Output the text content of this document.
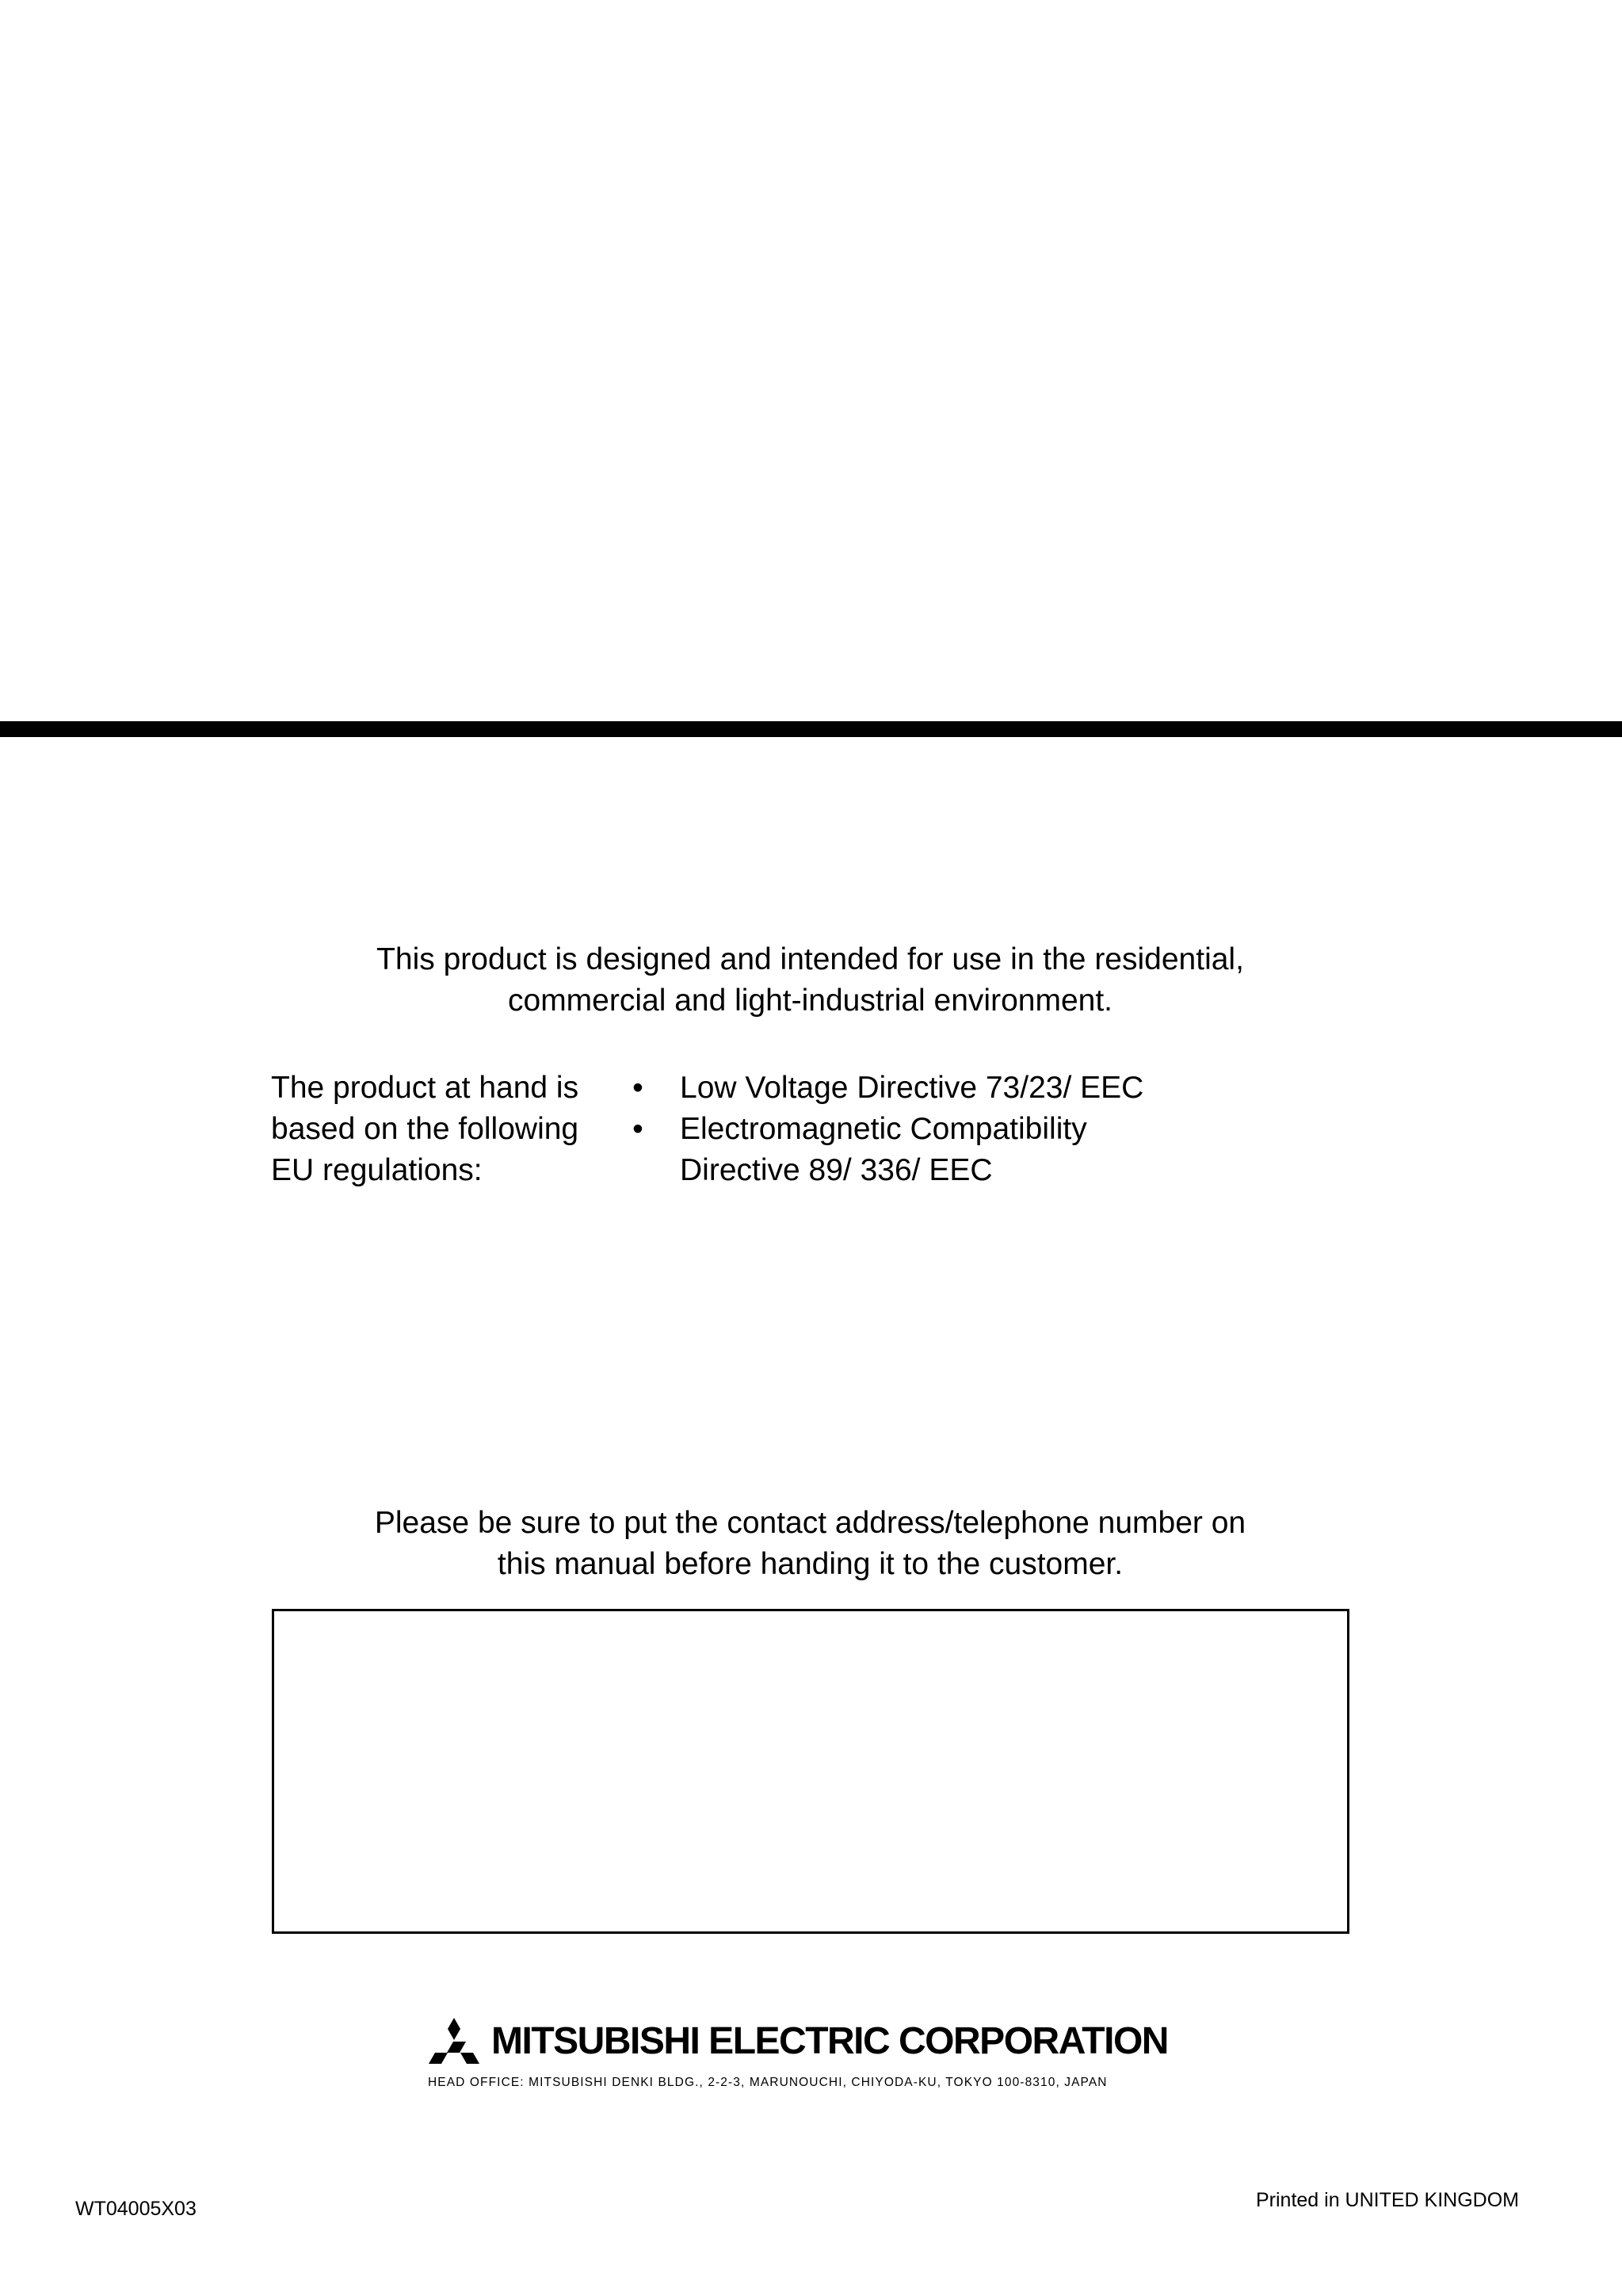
This product is designed and intended for use in the residential,
commercial and light-industrial environment.
The product at hand is
based on the following
EU regulations:
• Low Voltage Directive 73/23/ EEC
• Electromagnetic Compatibility Directive 89/ 336/ EEC
Please be sure to put the contact address/telephone number on
this manual before handing it to the customer.
MITSUBISHI ELECTRIC CORPORATION
HEAD OFFICE: MITSUBISHI DENKI BLDG., 2-2-3, MARUNOUCHI, CHIYODA-KU, TOKYO 100-8310, JAPAN
WT04005X03	Printed in UNITED KINGDOM
